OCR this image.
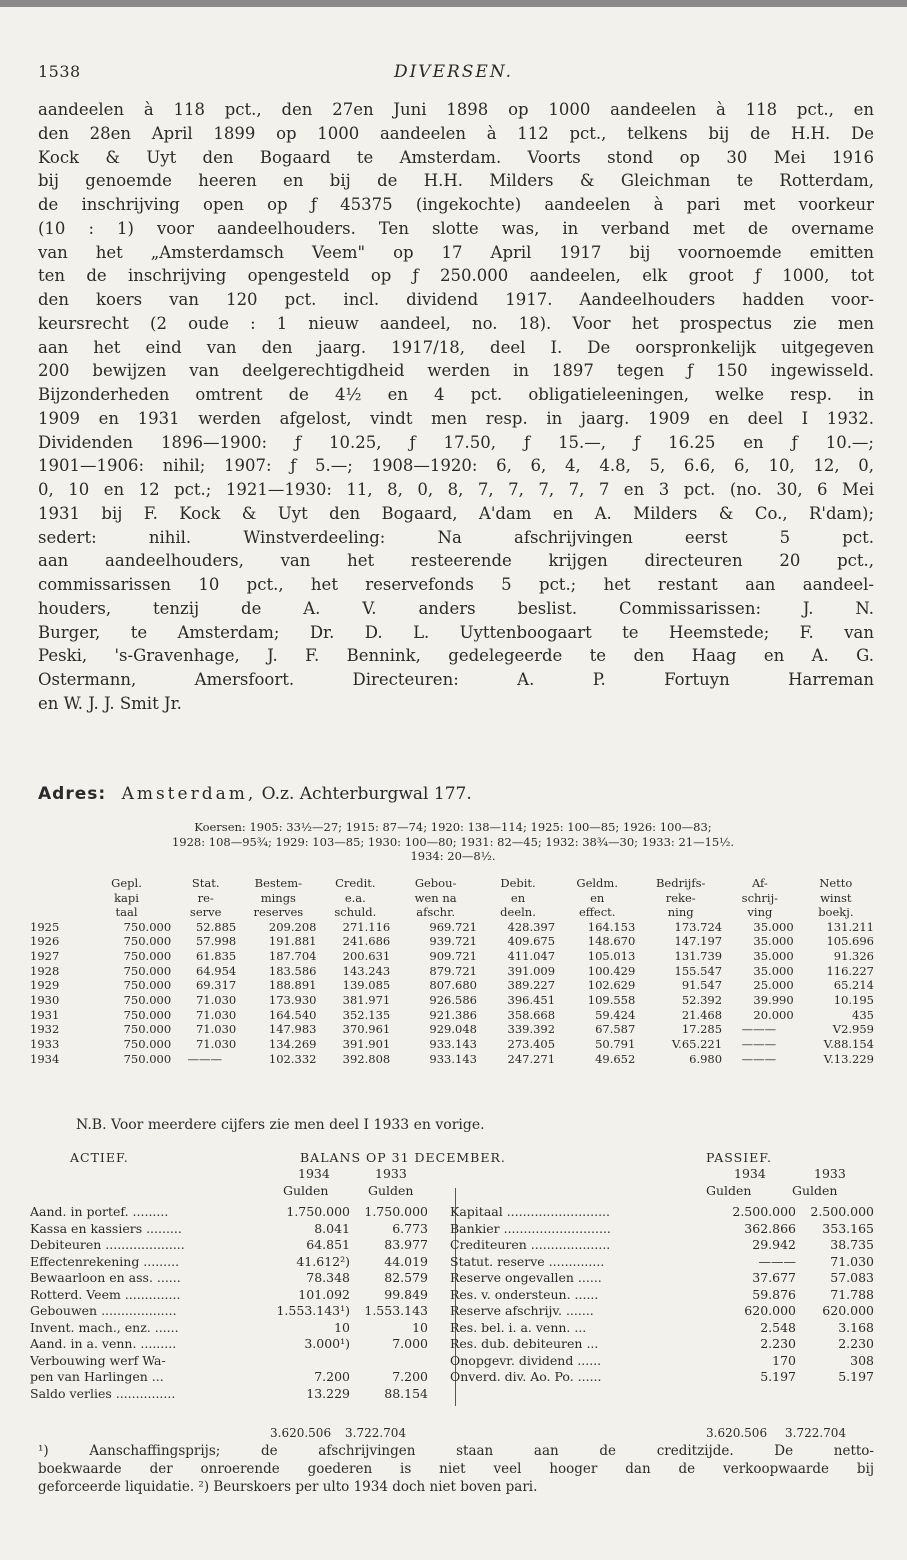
1538	DIVERSEN.
aandeelen à 118 pct., den 27en Juni 1898 op 1000 aandeelen à 118 pct., en
den 28en April 1899 op 1000 aandeelen à 112 pct., telkens bij de H.H. De
Kock & Uyt den Bogaard te Amsterdam. Voorts stond op 30 Mei 1916
bij genoemde heeren en bij de H.H. Milders & Gleichman te Rotterdam,
de inschrijving open op ƒ 45375 (ingekochte) aandeelen à pari met voorkeur
(10 : 1) voor aandeelhouders. Ten slotte was, in verband met de overname
van het „Amsterdamsch Veem" op 17 April 1917 bij voornoemde emitten
ten de inschrijving opengesteld op ƒ 250.000 aandeelen, elk groot ƒ 1000, tot
den koers van 120 pct. incl. dividend 1917. Aandeelhouders hadden voor-
keursrecht (2 oude : 1 nieuw aandeel, no. 18). Voor het prospectus zie men
aan het eind van den jaarg. 1917/18, deel I. De oorspronkelijk uitgegeven
200 bewijzen van deelgerechtigdheid werden in 1897 tegen ƒ 150 ingewisseld.
Bijzonderheden omtrent de 4½ en 4 pct. obligatieleeningen, welke resp. in
1909 en 1931 werden afgelost, vindt men resp. in jaarg. 1909 en deel I 1932.
Dividenden 1896—1900: ƒ 10.25, ƒ 17.50, ƒ 15.—, ƒ 16.25 en ƒ 10.—;
1901—1906: nihil; 1907: ƒ 5.—; 1908—1920: 6, 6, 4, 4.8, 5, 6.6, 6, 10, 12, 0,
0, 10 en 12 pct.; 1921—1930: 11, 8, 0, 8, 7, 7, 7, 7, 7 en 3 pct. (no. 30, 6 Mei
1931 bij F. Kock & Uyt den Bogaard, A'dam en A. Milders & Co., R'dam);
sedert: nihil. Winstverdeeling: Na afschrijvingen eerst 5 pct.
aan aandeelhouders, van het resteerende krijgen directeuren 20 pct.,
commissarissen 10 pct., het reservefonds 5 pct.; het restant aan aandeel-
houders, tenzij de A. V. anders beslist. Commissarissen: J. N.
Burger, te Amsterdam; Dr. D. L. Uyttenboogaart te Heemstede; F. van
Peski, 's-Gravenhage, J. F. Bennink, gedelegeerde te den Haag en A. G.
Ostermann, Amersfoort. Directeuren: A. P. Fortuyn Harreman
en W. J. J. Smit Jr.
Adres: Amsterdam, O.z. Achterburgwal 177.
Koersen: 1905: 33½—27; 1915: 87—74; 1920: 138—114; 1925: 100—85; 1926: 100—83;
1928: 108—95¾; 1929: 103—85; 1930: 100—80; 1931: 82—45; 1932: 38¾—30; 1933: 21—15½.
1934: 20—8½.
	Gepl.	Stat.	Bestem-	Credit.	Gebou-	Debit.	Geldm.	Bedrijfs-	Af-	Netto
	kapi	re-	mings	e.a.	wen na	en	en	reke-	schrij-	winst
	taal	serve	reserves	schuld.	afschr.	deeln.	effect.	ning	ving	boekj.
1925	750.000	52.885	209.208	271.116	969.721	428.397	164.153	173.724	35.000	131.211
1926	750.000	57.998	191.881	241.686	939.721	409.675	148.670	147.197	35.000	105.696
1927	750.000	61.835	187.704	200.631	909.721	411.047	105.013	131.739	35.000	91.326
1928	750.000	64.954	183.586	143.243	879.721	391.009	100.429	155.547	35.000	116.227
1929	750.000	69.317	188.891	139.085	807.680	389.227	102.629	91.547	25.000	65.214
1930	750.000	71.030	173.930	381.971	926.586	396.451	109.558	52.392	39.990	10.195
1931	750.000	71.030	164.540	352.135	921.386	358.668	59.424	21.468	20.000	435
1932	750.000	71.030	147.983	370.961	929.048	339.392	67.587	17.285	———	V2.959
1933	750.000	71.030	134.269	391.901	933.143	273.405	50.791	V.65.221	———	V.88.154
1934	750.000	———	102.332	392.808	933.143	247.271	49.652	6.980	———	V.13.229
N.B. Voor meerdere cijfers zie men deel I 1933 en vorige.
ACTIEF.	BALANS OP 31 DECEMBER.	PASSIEF.
1934	1933
Gulden	Gulden
1934	1933
Gulden	Gulden
Aand. in portef. .........	1.750.000	1.750.000
Kassa en kassiers .........	8.041	6.773
Debiteuren ....................	64.851	83.977
Effectenrekening .........	41.612²)	44.019
Bewaarloon en ass. ......	78.348	82.579
Rotterd. Veem ..............	101.092	99.849
Gebouwen ...................	1.553.143¹)	1.553.143
Invent. mach., enz. ......	10	10
Aand. in a. venn. .........	3.000¹)	7.000
Verbouwing werf Wa-
pen van Harlingen ...	7.200	7.200
Saldo verlies ...............	13.229	88.154
Kapitaal ..........................	2.500.000	2.500.000
Bankier ...........................	362.866	353.165
Crediteuren ....................	29.942	38.735
Statut. reserve ..............	———	71.030
Reserve ongevallen ......	37.677	57.083
Res. v. ondersteun. ......	59.876	71.788
Reserve afschrijv. .......	620.000	620.000
Res. bel. i. a. venn. ...	2.548	3.168
Res. dub. debiteuren ...	2.230	2.230
Onopgevr. dividend ......	170	308
Onverd. div. Ao. Po. ......	5.197	5.197
3.620.506 3.722.704	3.620.506 3.722.704
¹) Aanschaffingsprijs; de afschrijvingen staan aan de creditzijde. De netto-
boekwaarde der onroerende goederen is niet veel hooger dan de verkoopwaarde bij
geforceerde liquidatie. ²) Beurskoers per ulto 1934 doch niet boven pari.
